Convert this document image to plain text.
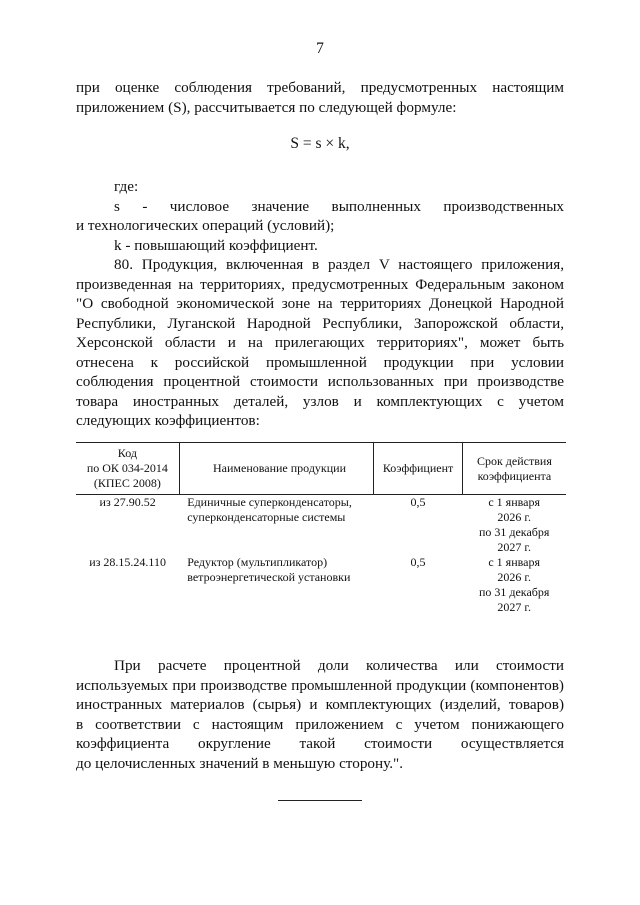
7

при оценке соблюдения требований, предусмотренных настоящим

приложением (S), рассчитывается по следующей формуле:

S = s × k,

где:

s - числовое значение выполненных производственных

и технологических операций (условий);

k - повышающий коэффициент.

80. Продукция, включенная в раздел V настоящего приложения, произведенная на территориях, предусмотренных Федеральным законом "О свободной экономической зоне на территориях Донецкой Народной Республики, Луганской Народной Республики, Запорожской области, Херсонской области и на прилегающих территориях", может быть отнесена к российской промышленной продукции при условии соблюдения процентной стоимости использованных при производстве товара иностранных деталей, узлов и комплектующих с учетом следующих коэффициентов:

Код
по ОК 034-2014
(КПЕС 2008)	Наименование продукции	Коэффициент	Срок действия
коэффициента

из 27.90.52	Единичные суперконденсаторы, суперконденсаторные системы	0,5	с 1 января
2026 г.
по 31 декабря
2027 г.

из 28.15.24.110	Редуктор (мультипликатор) ветроэнергетической установки	0,5	с 1 января
2026 г.
по 31 декабря
2027 г.

При расчете процентной доли количества или стоимости

используемых при производстве промышленной продукции (компонентов)

иностранных материалов (сырья) и комплектующих (изделий, товаров)

в соответствии с настоящим приложением с учетом понижающего

коэффициента округление такой стоимости осуществляется

до целочисленных значений в меньшую сторону.".
